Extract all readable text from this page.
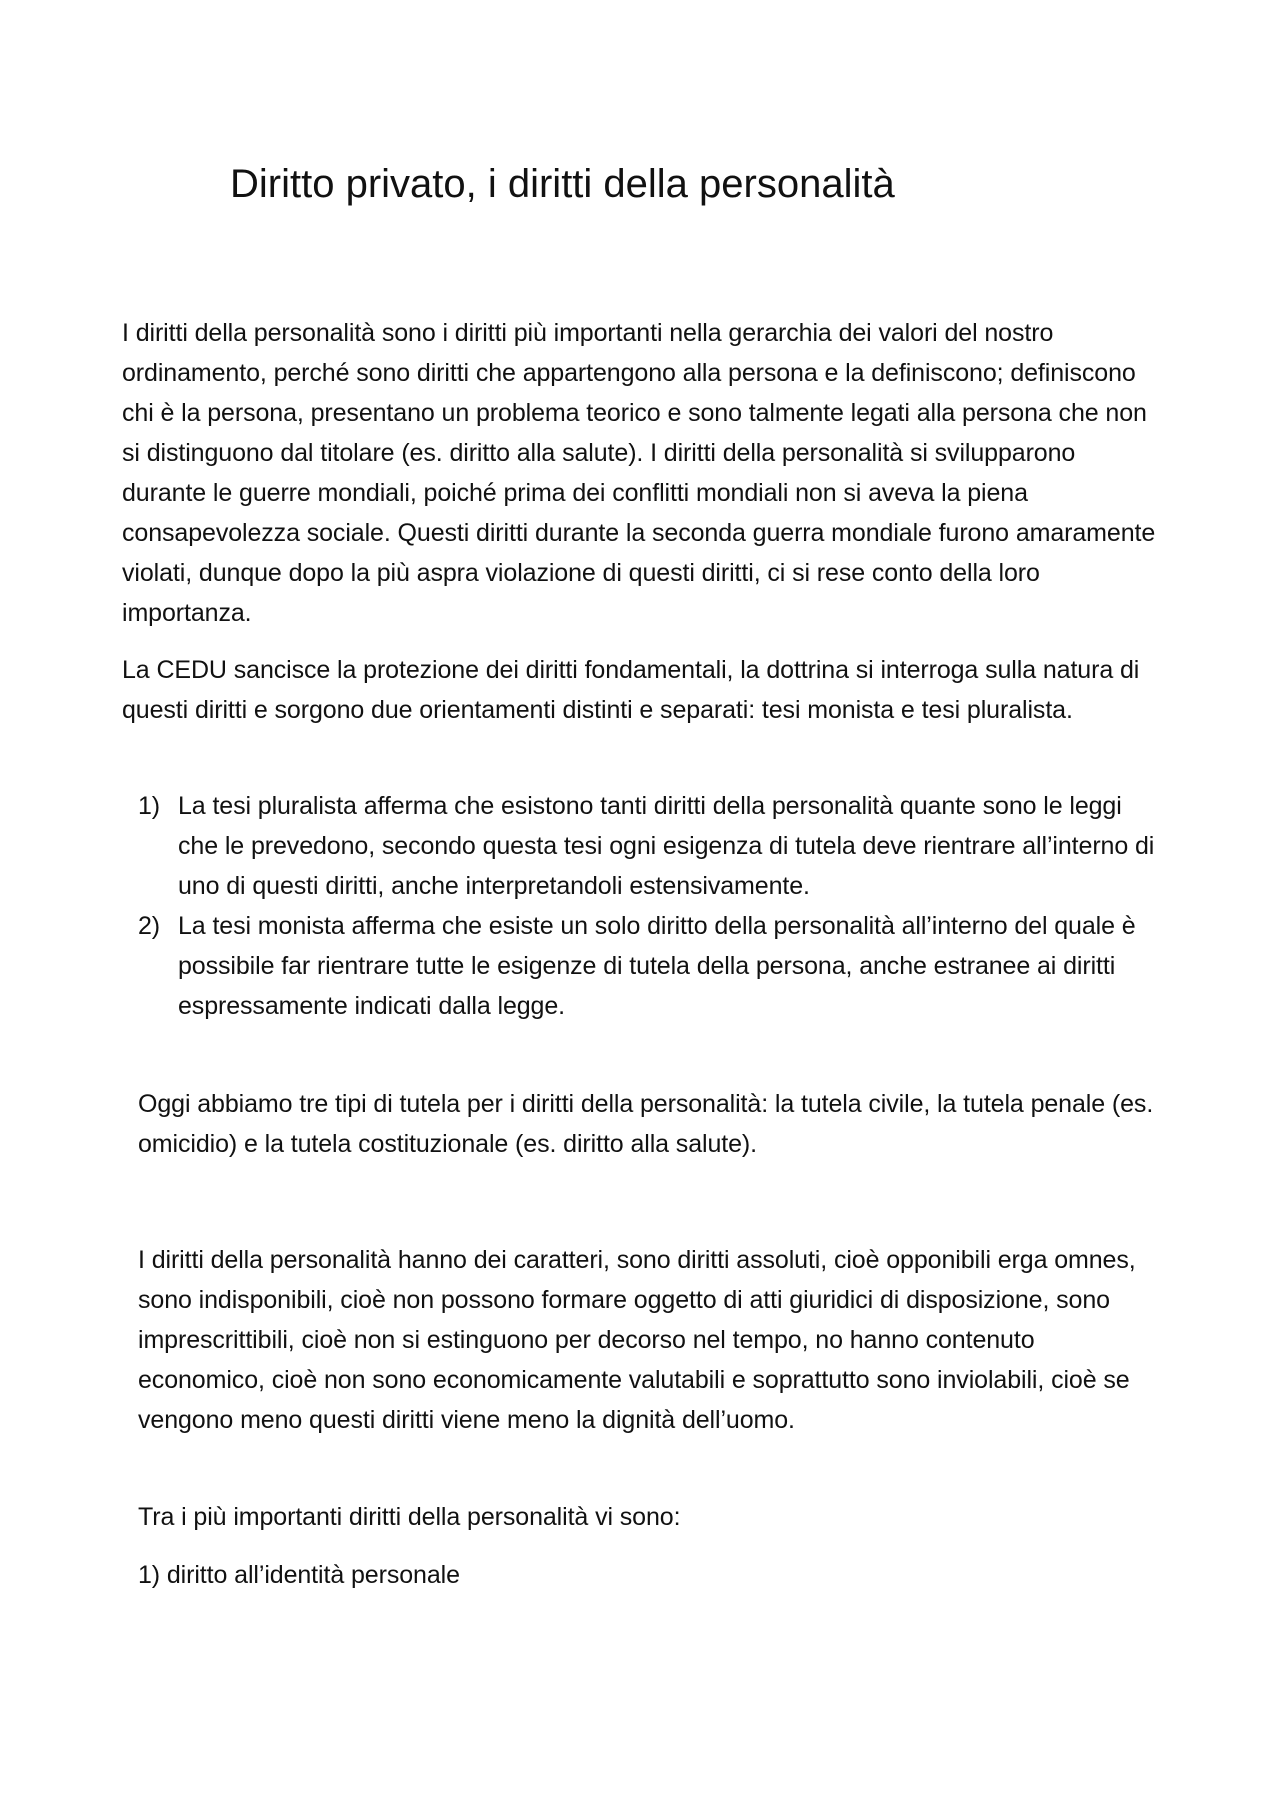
Diritto privato, i diritti della personalità

I diritti della personalità sono i diritti più importanti nella gerarchia dei valori del nostro ordinamento, perché sono diritti che appartengono alla persona e la definiscono; definiscono chi è la persona, presentano un problema teorico e sono talmente legati alla persona che non si distinguono dal titolare (es. diritto alla salute). I diritti della personalità si svilupparono durante le guerre mondiali, poiché prima dei conflitti mondiali non si aveva la piena consapevolezza sociale. Questi diritti durante la seconda guerra mondiale furono amaramente violati, dunque dopo la più aspra violazione di questi diritti, ci si rese conto della loro importanza.

La CEDU sancisce la protezione dei diritti fondamentali, la dottrina si interroga sulla natura di questi diritti e sorgono due orientamenti distinti e separati: tesi monista e tesi pluralista.

1) La tesi pluralista afferma che esistono tanti diritti della personalità quante sono le leggi che le prevedono, secondo questa tesi ogni esigenza di tutela deve rientrare all’interno di uno di questi diritti, anche interpretandoli estensivamente.
2) La tesi monista afferma che esiste un solo diritto della personalità all’interno del quale è possibile far rientrare tutte le esigenze di tutela della persona, anche estranee ai diritti espressamente indicati dalla legge.

Oggi abbiamo tre tipi di tutela per i diritti della personalità: la tutela civile, la tutela penale (es. omicidio) e la tutela costituzionale (es. diritto alla salute).

I diritti della personalità hanno dei caratteri, sono diritti assoluti, cioè opponibili erga omnes, sono indisponibili, cioè non possono formare oggetto di atti giuridici di disposizione, sono imprescrittibili, cioè non si estinguono per decorso nel tempo, no hanno contenuto economico, cioè non sono economicamente valutabili e soprattutto sono inviolabili, cioè se vengono meno questi diritti viene meno la dignità dell’uomo.

Tra i più importanti diritti della personalità vi sono:

1) diritto all’identità personale
